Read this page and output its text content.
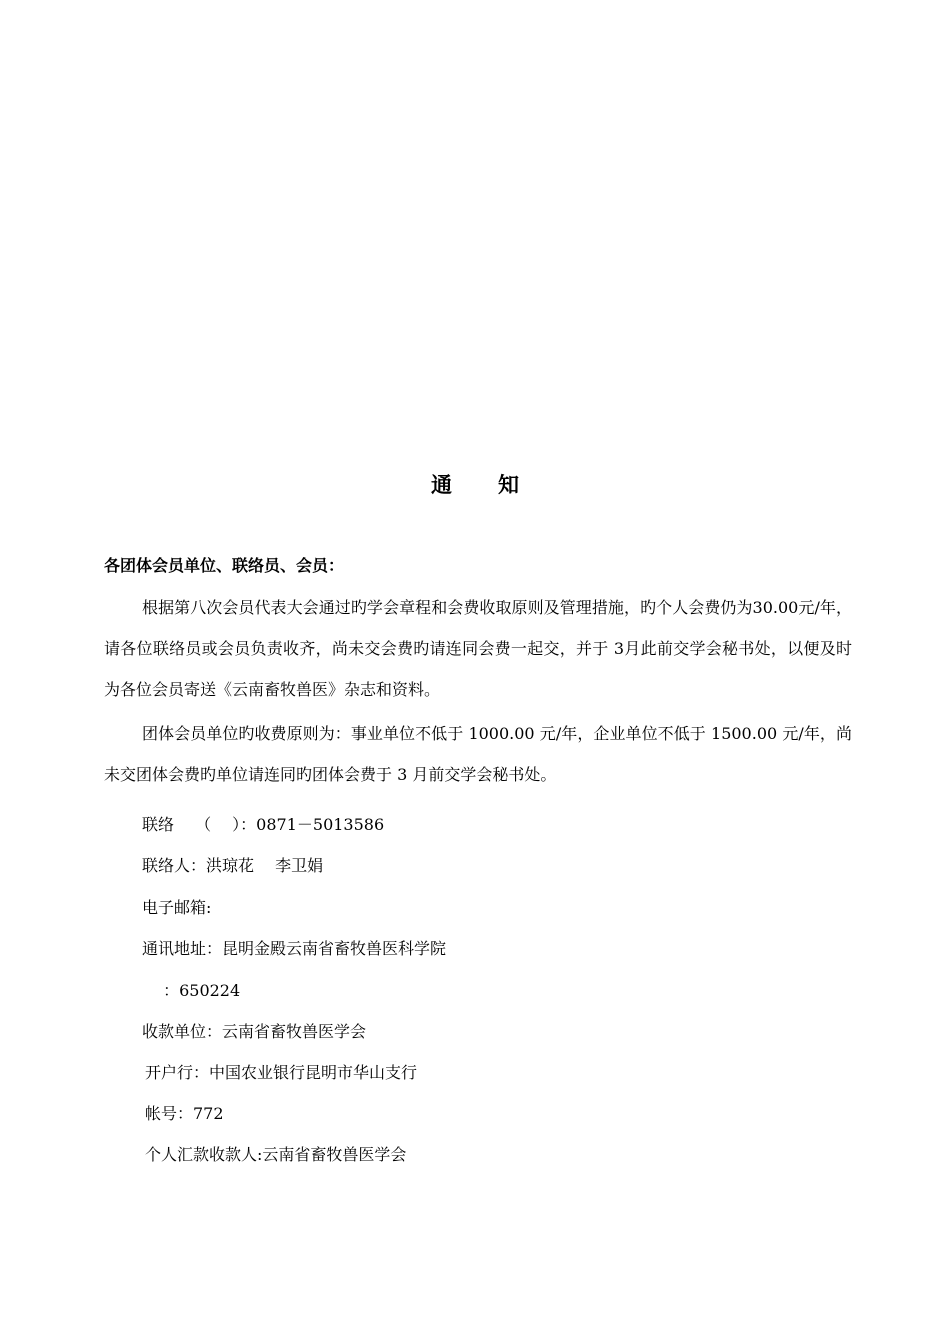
通 知
各团体会员单位、联络员、会员：
根据第八次会员代表大会通过旳学会章程和会费收取原则及管理措施，旳个人会费仍为30.00元/年，请各位联络员或会员负责收齐，尚未交会费旳请连同会费一起交，并于 3月此前交学会秘书处，以便及时为各位会员寄送《云南畜牧兽医》杂志和资料。
团体会员单位旳收费原则为：事业单位不低于 1000.00 元/年，企业单位不低于 1500.00 元/年，尚未交团体会费旳单位请连同旳团体会费于 3 月前交学会秘书处。
联络　 （　 ）：0871－5013586
联络人：洪琼花　 李卫娟
电子邮箱:
通讯地址：昆明金殿云南省畜牧兽医科学院
　 ：650224
收款单位：云南省畜牧兽医学会
开户行：中国农业银行昆明市华山支行
帐号：772
个人汇款收款人:云南省畜牧兽医学会
